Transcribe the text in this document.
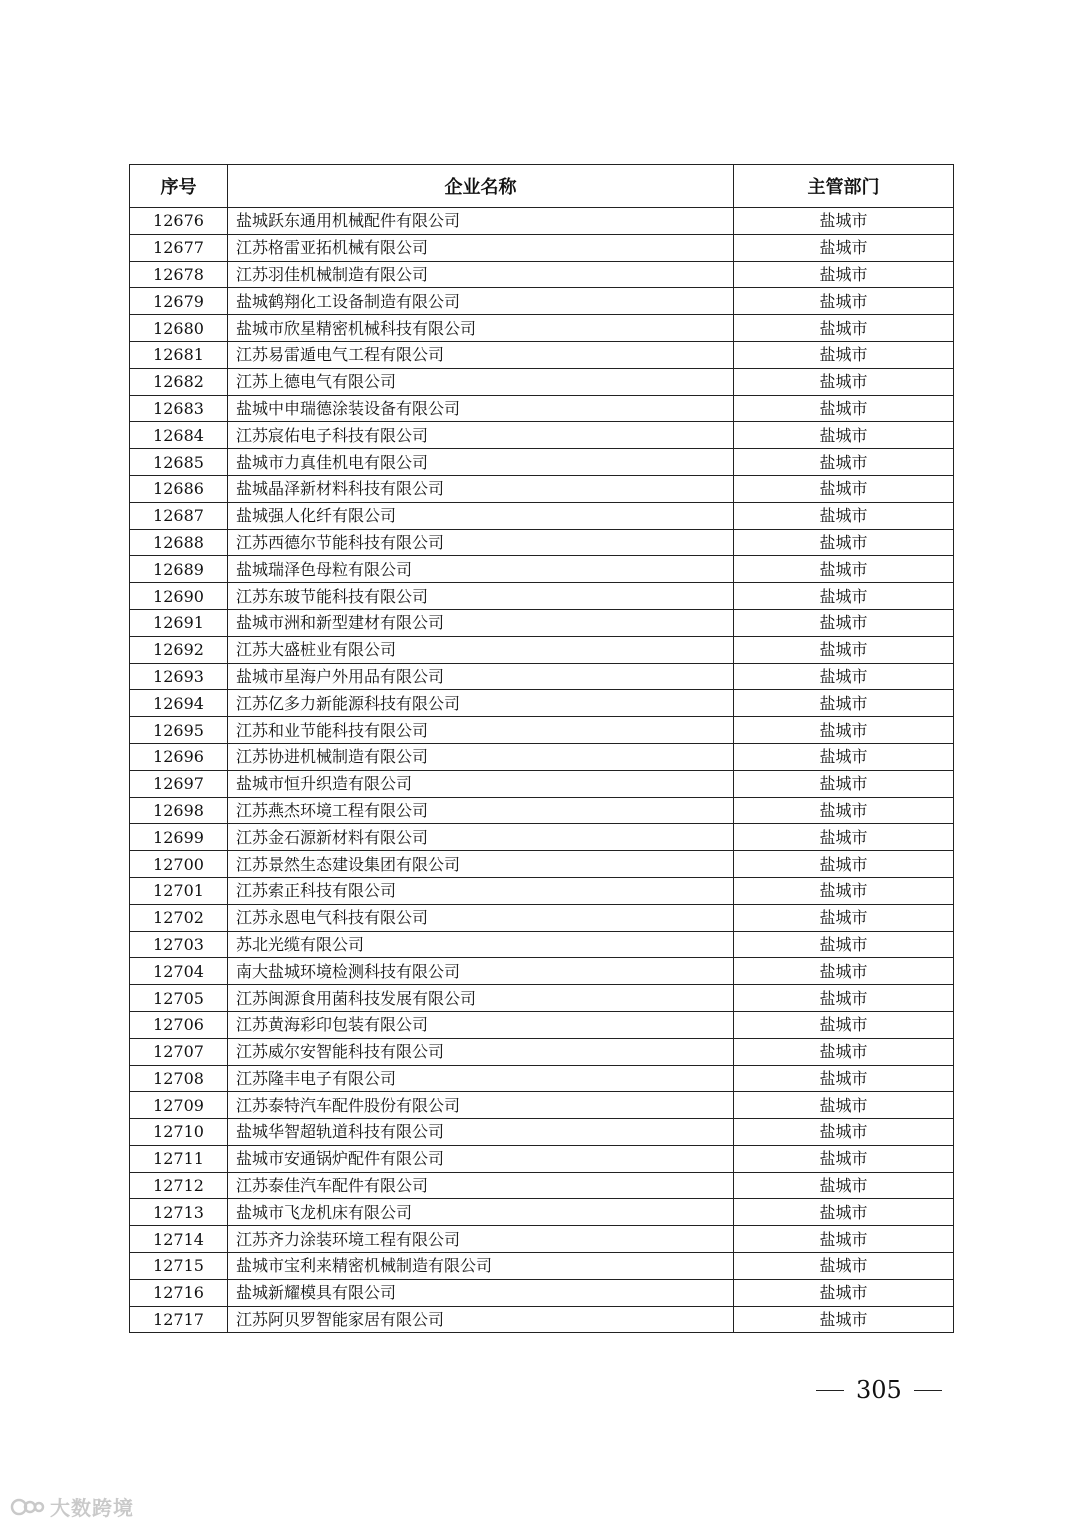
序号	企业名称	主管部门
12676	盐城跃东通用机械配件有限公司	盐城市
12677	江苏格雷亚拓机械有限公司	盐城市
12678	江苏羽佳机械制造有限公司	盐城市
12679	盐城鹤翔化工设备制造有限公司	盐城市
12680	盐城市欣星精密机械科技有限公司	盐城市
12681	江苏易雷遁电气工程有限公司	盐城市
12682	江苏上德电气有限公司	盐城市
12683	盐城中申瑞德涂装设备有限公司	盐城市
12684	江苏宸佑电子科技有限公司	盐城市
12685	盐城市力真佳机电有限公司	盐城市
12686	盐城晶泽新材料科技有限公司	盐城市
12687	盐城强人化纤有限公司	盐城市
12688	江苏西德尔节能科技有限公司	盐城市
12689	盐城瑞泽色母粒有限公司	盐城市
12690	江苏东玻节能科技有限公司	盐城市
12691	盐城市洲和新型建材有限公司	盐城市
12692	江苏大盛桩业有限公司	盐城市
12693	盐城市星海户外用品有限公司	盐城市
12694	江苏亿多力新能源科技有限公司	盐城市
12695	江苏和业节能科技有限公司	盐城市
12696	江苏协进机械制造有限公司	盐城市
12697	盐城市恒升织造有限公司	盐城市
12698	江苏燕杰环境工程有限公司	盐城市
12699	江苏金石源新材料有限公司	盐城市
12700	江苏景然生态建设集团有限公司	盐城市
12701	江苏索正科技有限公司	盐城市
12702	江苏永恩电气科技有限公司	盐城市
12703	苏北光缆有限公司	盐城市
12704	南大盐城环境检测科技有限公司	盐城市
12705	江苏闽源食用菌科技发展有限公司	盐城市
12706	江苏黄海彩印包装有限公司	盐城市
12707	江苏威尔安智能科技有限公司	盐城市
12708	江苏隆丰电子有限公司	盐城市
12709	江苏泰特汽车配件股份有限公司	盐城市
12710	盐城华智超轨道科技有限公司	盐城市
12711	盐城市安通锅炉配件有限公司	盐城市
12712	江苏泰佳汽车配件有限公司	盐城市
12713	盐城市飞龙机床有限公司	盐城市
12714	江苏齐力涂装环境工程有限公司	盐城市
12715	盐城市宝利来精密机械制造有限公司	盐城市
12716	盐城新耀模具有限公司	盐城市
12717	江苏阿贝罗智能家居有限公司	盐城市
305
大数跨境
